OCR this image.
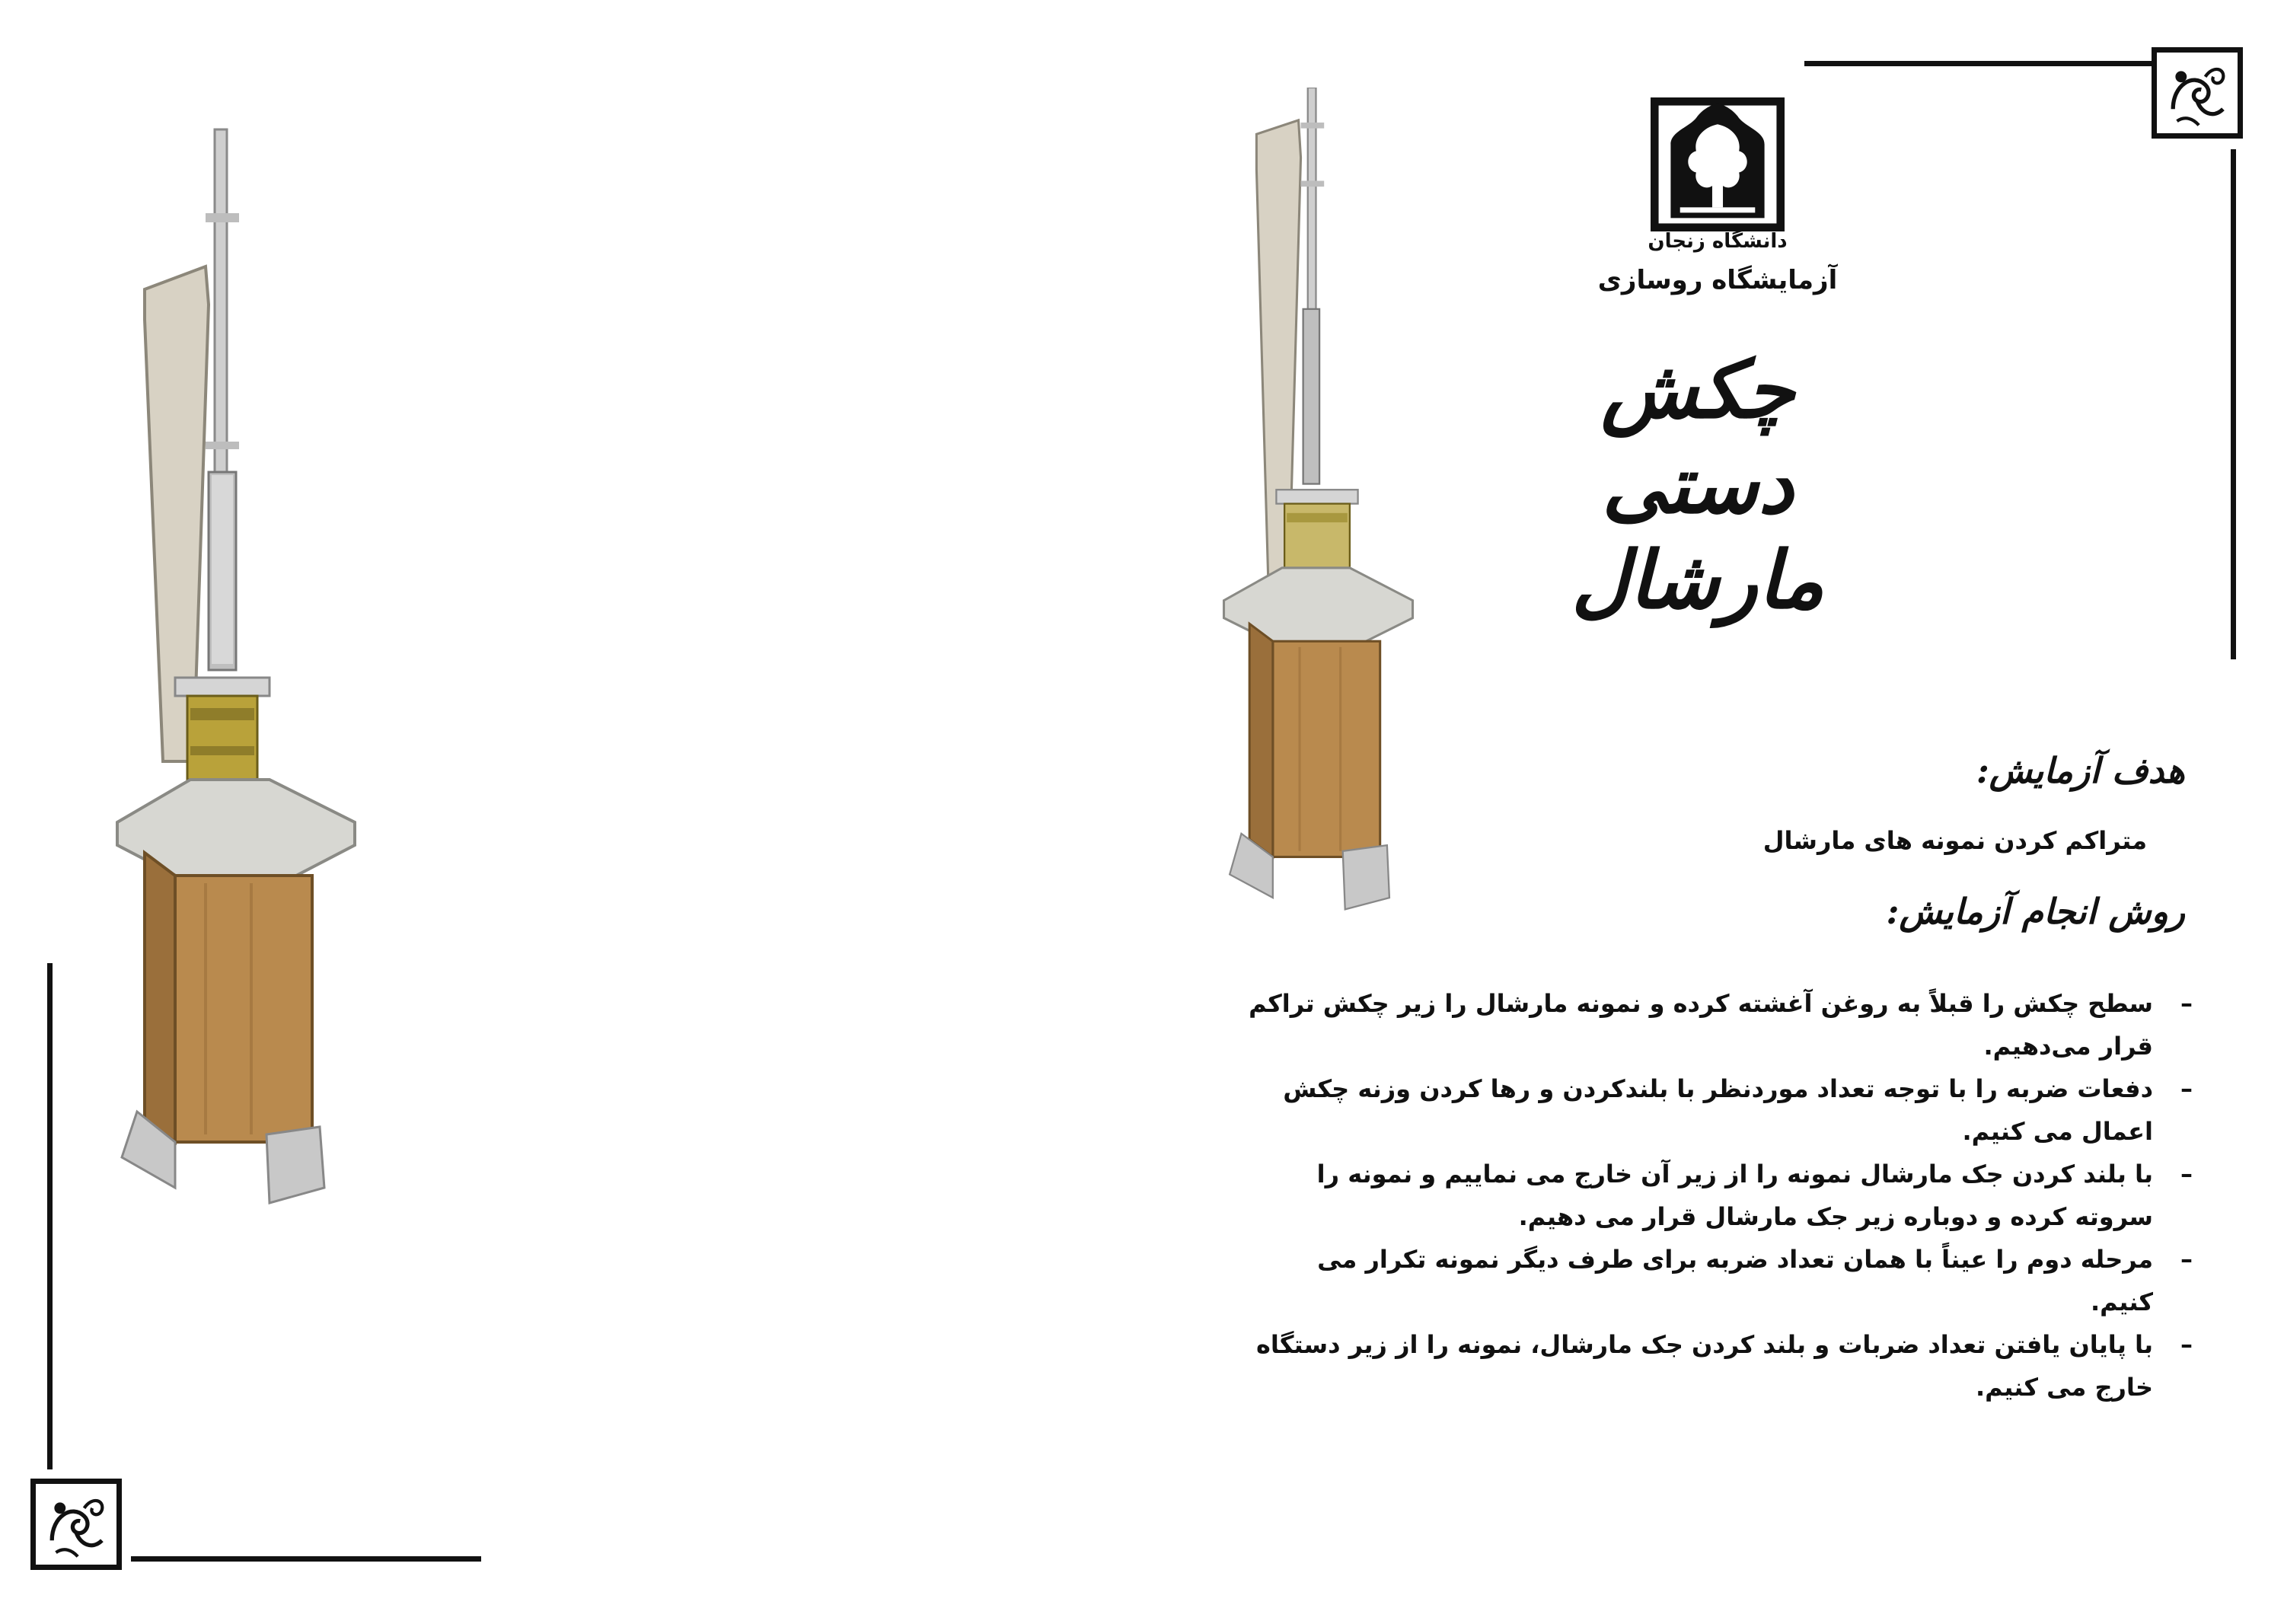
دانشگاه زنجان
آزمایشگاه روسازی
چکش دستی مارشال
هدف آزمایش:
متراکم کردن نمونه های مارشال
روش انجام آزمایش:
–
سطح چکش را قبلاً به روغن آغشته کرده و نمونه مارشال را زیر چکش تراکم قرار می‌دهیم.
–
دفعات ضربه را با توجه تعداد موردنظر با بلندکردن و رها کردن وزنه چکش اعمال می کنیم.
–
با بلند کردن جک مارشال نمونه را از زیر آن خارج می نماییم و نمونه را سروته کرده و دوباره زیر جک مارشال قرار می دهیم.
–
مرحله دوم را عیناً با همان تعداد ضربه برای طرف دیگر نمونه تکرار می کنیم.
–
با پایان یافتن تعداد ضربات و بلند کردن جک مارشال، نمونه را از زیر دستگاه خارج می کنیم.
